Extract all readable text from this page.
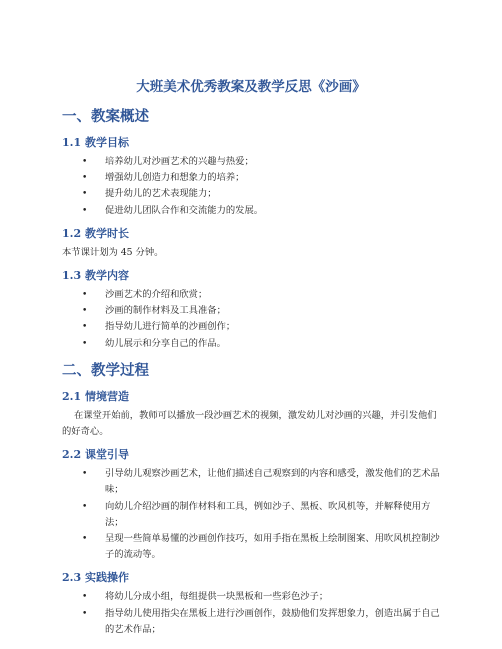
大班美术优秀教案及教学反思《沙画》
一、教案概述
1.1 教学目标
• 培养幼儿对沙画艺术的兴趣与热爱；
• 增强幼儿创造力和想象力的培养；
• 提升幼儿的艺术表现能力；
• 促进幼儿团队合作和交流能力的发展。
1.2 教学时长

本节课计划为 45 分钟。

1.3 教学内容
• 沙画艺术的介绍和欣赏；
• 沙画的制作材料及工具准备；
• 指导幼儿进行简单的沙画创作；
• 幼儿展示和分享自己的作品。
二、教学过程
2.1 情境营造

在课堂开始前，教师可以播放一段沙画艺术的视频，激发幼儿对沙画的兴趣，并引发他们的好奇心。

2.2 课堂引导
• 引导幼儿观察沙画艺术，让他们描述自己观察到的内容和感受，激发他们的艺术品味；
• 向幼儿介绍沙画的制作材料和工具，例如沙子、黑板、吹风机等，并解释使用方法；
• 呈现一些简单易懂的沙画创作技巧，如用手指在黑板上绘制图案、用吹风机控制沙子的流动等。
2.3 实践操作
• 将幼儿分成小组，每组提供一块黑板和一些彩色沙子；
• 指导幼儿使用指尖在黑板上进行沙画创作，鼓励他们发挥想象力，创造出属于自己的艺术作品；
